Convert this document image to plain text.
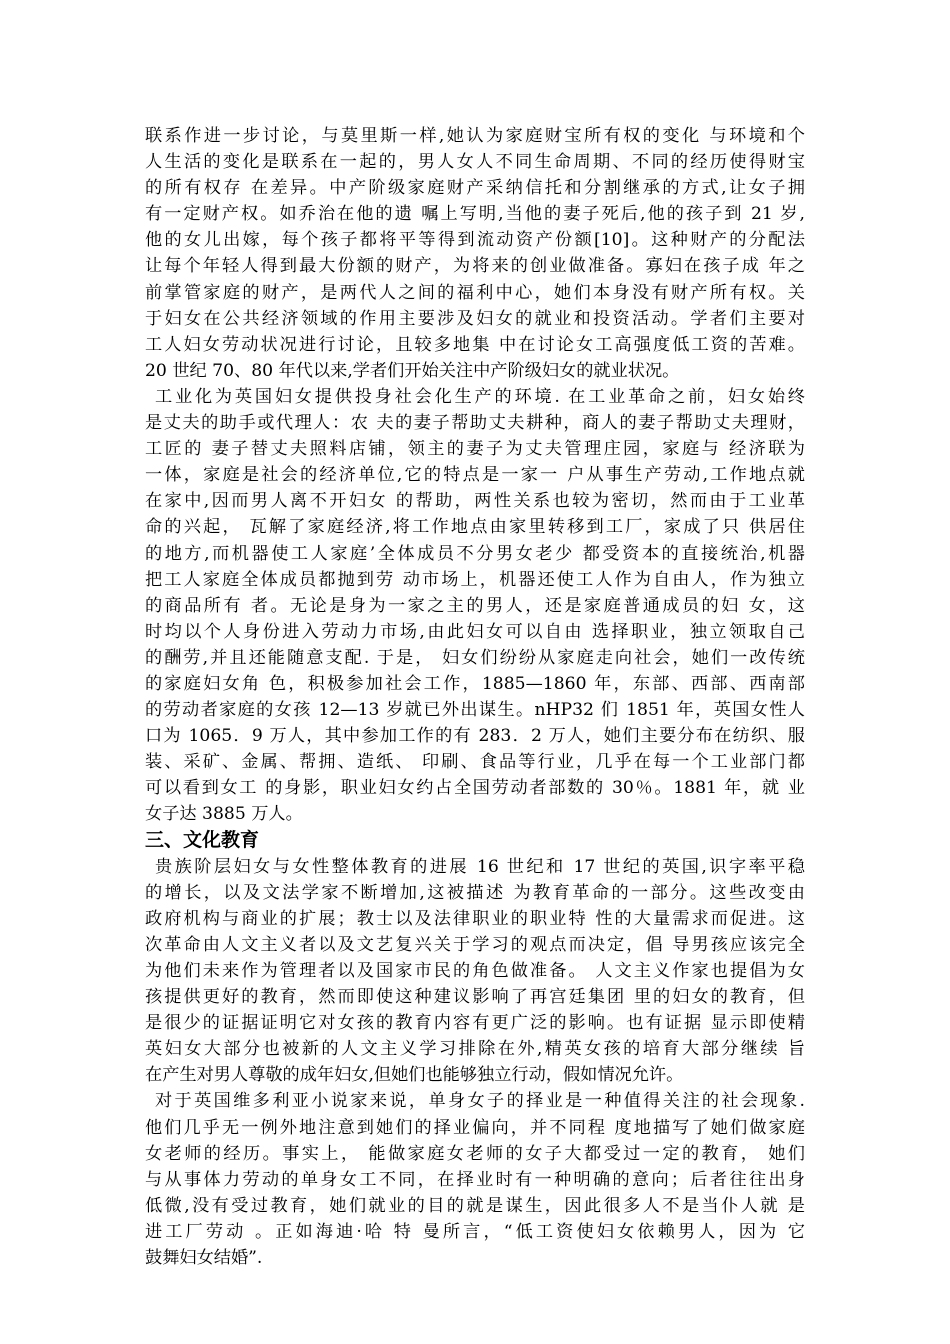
联系作进一步讨论，与莫里斯一样,她认为家庭财宝所有权的变化 与环境和个
人生活的变化是联系在一起的，男人女人不同生命周期、不同的经历使得财宝
的所有权存 在差异。中产阶级家庭财产采纳信托和分割继承的方式,让女子拥
有一定财产权。如乔治在他的遗 嘱上写明,当他的妻子死后,他的孩子到 21 岁,
他的女儿出嫁，每个孩子都将平等得到流动资产份额[10]。这种财产的分配法
让每个年轻人得到最大份额的财产，为将来的创业做准备。寡妇在孩子成 年之
前掌管家庭的财产，是两代人之间的福利中心，她们本身没有财产所有权。关
于妇女在公共经济领域的作用主要涉及妇女的就业和投资活动。学者们主要对
工人妇女劳动状况进行讨论，且较多地集 中在讨论女工高强度低工资的苦难。
20 世纪 70、80 年代以来,学者们开始关注中产阶级妇女的就业状况。
工业化为英国妇女提供投身社会化生产的环境. 在工业革命之前，妇女始终
是丈夫的助手或代理人：农 夫的妻子帮助丈夫耕种，商人的妻子帮助丈夫理财，
工匠的 妻子替丈夫照料店铺，领主的妻子为丈夫管理庄园，家庭与 经济联为
一体，家庭是社会的经济单位,它的特点是一家一 户从事生产劳动,工作地点就
在家中,因而男人离不开妇女 的帮助，两性关系也较为密切，然而由于工业革
命的兴起， 瓦解了家庭经济,将工作地点由家里转移到工厂，家成了只 供居住
的地方,而机器使工人家庭’全体成员不分男女老少 都受资本的直接统治,机器
把工人家庭全体成员都抛到劳 动市场上，机器还使工人作为自由人，作为独立
的商品所有 者。无论是身为一家之主的男人，还是家庭普通成员的妇 女，这
时均以个人身份进入劳动力市场,由此妇女可以自由 选择职业，独立领取自己
的酬劳,并且还能随意支配. 于是， 妇女们纷纷从家庭走向社会，她们一改传统
的家庭妇女角 色，积极参加社会工作，1885—1860 年，东部、西部、西南部
的劳动者家庭的女孩 12—13 岁就已外出谋生。nHP32 们 1851 年，英国女性人
口为 1065．9 万人，其中参加工作的有 283．2 万人，她们主要分布在纺织、服
装、采矿、金属、帮拥、造纸、 印刷、食品等行业，几乎在每一个工业部门都
可以看到女工 的身影，职业妇女约占全国劳动者部数的 30％。1881 年，就 业
女子达 3885 万人。
三、文化教育
贵族阶层妇女与女性整体教育的进展 16 世纪和 17 世纪的英国,识字率平稳
的增长，以及文法学家不断增加,这被描述 为教育革命的一部分。这些改变由
政府机构与商业的扩展；教士以及法律职业的职业特 性的大量需求而促进。这
次革命由人文主义者以及文艺复兴关于学习的观点而决定，倡 导男孩应该完全
为他们未来作为管理者以及国家市民的角色做准备。 人文主义作家也提倡为女
孩提供更好的教育，然而即使这种建议影响了再宫廷集团 里的妇女的教育，但
是很少的证据证明它对女孩的教育内容有更广泛的影响。也有证据 显示即使精
英妇女大部分也被新的人文主义学习排除在外,精英女孩的培育大部分继续 旨
在产生对男人尊敬的成年妇女,但她们也能够独立行动，假如情况允许。
对于英国维多利亚小说家来说，单身女子的择业是一种值得关注的社会现象.
他们几乎无一例外地注意到她们的择业偏向，并不同程 度地描写了她们做家庭
女老师的经历。事实上， 能做家庭女老师的女子大都受过一定的教育， 她们
与从事体力劳动的单身女工不同，在择业时有一种明确的意向；后者往往出身
低微,没有受过教育，她们就业的目的就是谋生，因此很多人不是当仆人就 是
进工厂劳动 。正如海迪·哈 特 曼所言，“低工资使妇女依赖男人，因为 它
鼓舞妇女结婚”.
